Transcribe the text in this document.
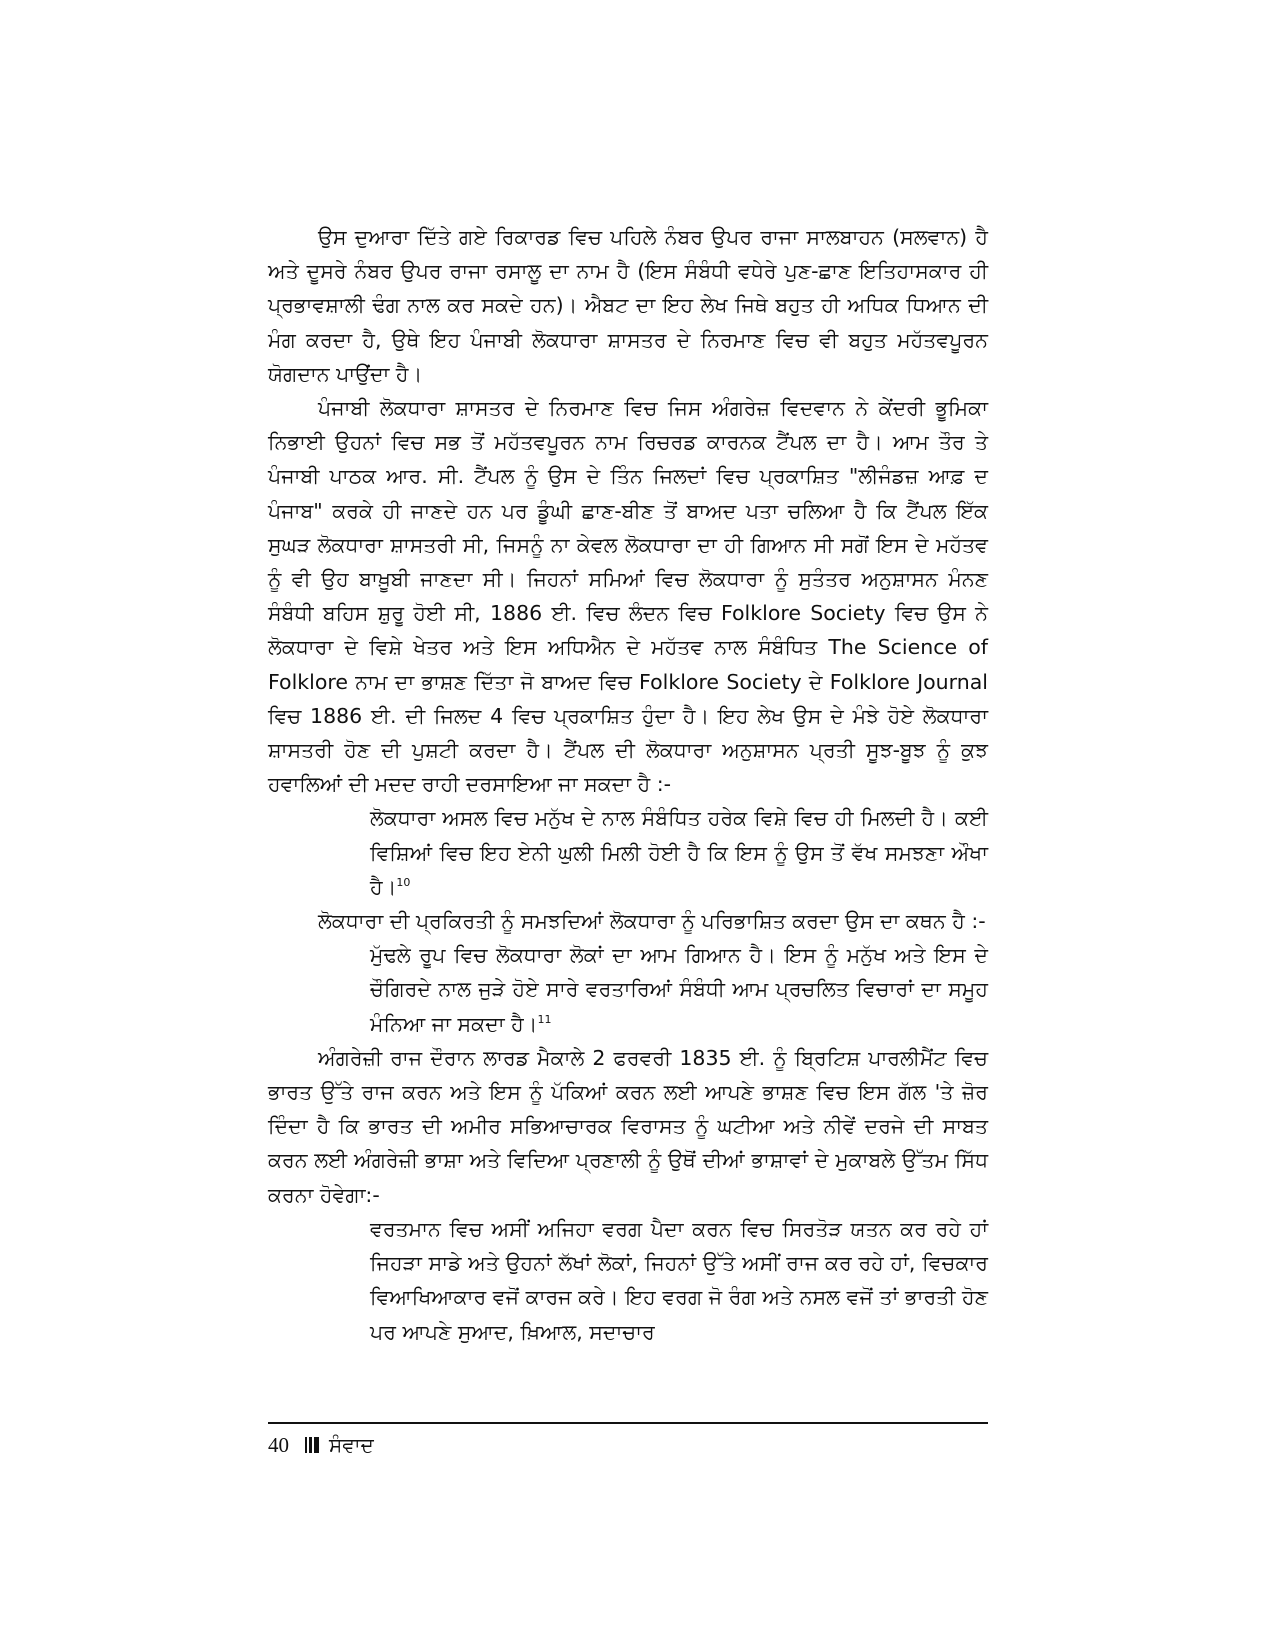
ਉਸ ਦੁਆਰਾ ਦਿੱਤੇ ਗਏ ਰਿਕਾਰਡ ਵਿਚ ਪਹਿਲੇ ਨੰਬਰ ਉਪਰ ਰਾਜਾ ਸਾਲਬਾਹਨ (ਸਲਵਾਨ) ਹੈ ਅਤੇ ਦੂਸਰੇ ਨੰਬਰ ਉਪਰ ਰਾਜਾ ਰਸਾਲੂ ਦਾ ਨਾਮ ਹੈ (ਇਸ ਸੰਬੰਧੀ ਵਧੇਰੇ ਪੁਣ-ਛਾਣ ਇਤਿਹਾਸਕਾਰ ਹੀ ਪ੍ਰਭਾਵਸ਼ਾਲੀ ਢੰਗ ਨਾਲ ਕਰ ਸਕਦੇ ਹਨ)। ਐਬਟ ਦਾ ਇਹ ਲੇਖ ਜਿਥੇ ਬਹੁਤ ਹੀ ਅਧਿਕ ਧਿਆਨ ਦੀ ਮੰਗ ਕਰਦਾ ਹੈ, ਉਥੇ ਇਹ ਪੰਜਾਬੀ ਲੋਕਧਾਰਾ ਸ਼ਾਸਤਰ ਦੇ ਨਿਰਮਾਣ ਵਿਚ ਵੀ ਬਹੁਤ ਮਹੱਤਵਪੂਰਨ ਯੋਗਦਾਨ ਪਾਉਂਦਾ ਹੈ।

ਪੰਜਾਬੀ ਲੋਕਧਾਰਾ ਸ਼ਾਸਤਰ ਦੇ ਨਿਰਮਾਣ ਵਿਚ ਜਿਸ ਅੰਗਰੇਜ਼ ਵਿਦਵਾਨ ਨੇ ਕੇਂਦਰੀ ਭੂਮਿਕਾ ਨਿਭਾਈ ਉਹਨਾਂ ਵਿਚ ਸਭ ਤੋਂ ਮਹੱਤਵਪੂਰਨ ਨਾਮ ਰਿਚਰਡ ਕਾਰਨਕ ਟੈਂਪਲ ਦਾ ਹੈ। ਆਮ ਤੌਰ ਤੇ ਪੰਜਾਬੀ ਪਾਠਕ ਆਰ. ਸੀ. ਟੈਂਪਲ ਨੂੰ ਉਸ ਦੇ ਤਿੰਨ ਜਿਲਦਾਂ ਵਿਚ ਪ੍ਰਕਾਸ਼ਿਤ "ਲੀਜੰਡਜ਼ ਆਫ਼ ਦ ਪੰਜਾਬ" ਕਰਕੇ ਹੀ ਜਾਣਦੇ ਹਨ ਪਰ ਡੂੰਘੀ ਛਾਣ-ਬੀਣ ਤੋਂ ਬਾਅਦ ਪਤਾ ਚਲਿਆ ਹੈ ਕਿ ਟੈਂਪਲ ਇੱਕ ਸੁਘੜ ਲੋਕਧਾਰਾ ਸ਼ਾਸਤਰੀ ਸੀ, ਜਿਸਨੂੰ ਨਾ ਕੇਵਲ ਲੋਕਧਾਰਾ ਦਾ ਹੀ ਗਿਆਨ ਸੀ ਸਗੋਂ ਇਸ ਦੇ ਮਹੱਤਵ ਨੂੰ ਵੀ ਉਹ ਬਾਖ਼ੂਬੀ ਜਾਣਦਾ ਸੀ। ਜਿਹਨਾਂ ਸਮਿਆਂ ਵਿਚ ਲੋਕਧਾਰਾ ਨੂੰ ਸੁਤੰਤਰ ਅਨੁਸ਼ਾਸਨ ਮੰਨਣ ਸੰਬੰਧੀ ਬਹਿਸ ਸ਼ੁਰੂ ਹੋਈ ਸੀ, 1886 ਈ. ਵਿਚ ਲੰਦਨ ਵਿਚ Folklore Society ਵਿਚ ਉਸ ਨੇ ਲੋਕਧਾਰਾ ਦੇ ਵਿਸ਼ੇ ਖੇਤਰ ਅਤੇ ਇਸ ਅਧਿਐਨ ਦੇ ਮਹੱਤਵ ਨਾਲ ਸੰਬੰਧਿਤ The Science of Folklore ਨਾਮ ਦਾ ਭਾਸ਼ਣ ਦਿੱਤਾ ਜੋ ਬਾਅਦ ਵਿਚ Folklore Society ਦੇ Folklore Journal ਵਿਚ 1886 ਈ. ਦੀ ਜਿਲਦ 4 ਵਿਚ ਪ੍ਰਕਾਸ਼ਿਤ ਹੁੰਦਾ ਹੈ। ਇਹ ਲੇਖ ਉਸ ਦੇ ਮੰਝੇ ਹੋਏ ਲੋਕਧਾਰਾ ਸ਼ਾਸਤਰੀ ਹੋਣ ਦੀ ਪੁਸ਼ਟੀ ਕਰਦਾ ਹੈ। ਟੈਂਪਲ ਦੀ ਲੋਕਧਾਰਾ ਅਨੁਸ਼ਾਸਨ ਪ੍ਰਤੀ ਸੂਝ-ਬੂਝ ਨੂੰ ਕੁਝ ਹਵਾਲਿਆਂ ਦੀ ਮਦਦ ਰਾਹੀ ਦਰਸਾਇਆ ਜਾ ਸਕਦਾ ਹੈ :-

ਲੋਕਧਾਰਾ ਅਸਲ ਵਿਚ ਮਨੁੱਖ ਦੇ ਨਾਲ ਸੰਬੰਧਿਤ ਹਰੇਕ ਵਿਸ਼ੇ ਵਿਚ ਹੀ ਮਿਲਦੀ ਹੈ। ਕਈ ਵਿਸ਼ਿਆਂ ਵਿਚ ਇਹ ਏਨੀ ਘੁਲੀ ਮਿਲੀ ਹੋਈ ਹੈ ਕਿ ਇਸ ਨੂੰ ਉਸ ਤੋਂ ਵੱਖ ਸਮਝਣਾ ਔਖਾ ਹੈ।$^{10}$

ਲੋਕਧਾਰਾ ਦੀ ਪ੍ਰਕਿਰਤੀ ਨੂੰ ਸਮਝਦਿਆਂ ਲੋਕਧਾਰਾ ਨੂੰ ਪਰਿਭਾਸ਼ਿਤ ਕਰਦਾ ਉਸ ਦਾ ਕਥਨ ਹੈ :-

ਮੁੱਢਲੇ ਰੂਪ ਵਿਚ ਲੋਕਧਾਰਾ ਲੋਕਾਂ ਦਾ ਆਮ ਗਿਆਨ ਹੈ। ਇਸ ਨੂੰ ਮਨੁੱਖ ਅਤੇ ਇਸ ਦੇ ਚੌਗਿਰਦੇ ਨਾਲ ਜੁੜੇ ਹੋਏ ਸਾਰੇ ਵਰਤਾਰਿਆਂ ਸੰਬੰਧੀ ਆਮ ਪ੍ਰਚਲਿਤ ਵਿਚਾਰਾਂ ਦਾ ਸਮੂਹ ਮੰਨਿਆ ਜਾ ਸਕਦਾ ਹੈ।$^{11}$

ਅੰਗਰੇਜ਼ੀ ਰਾਜ ਦੌਰਾਨ ਲਾਰਡ ਮੈਕਾਲੇ 2 ਫਰਵਰੀ 1835 ਈ. ਨੂੰ ਬ੍ਰਿਟਿਸ਼ ਪਾਰਲੀਮੈਂਟ ਵਿਚ ਭਾਰਤ ਉੱਤੇ ਰਾਜ ਕਰਨ ਅਤੇ ਇਸ ਨੂੰ ਪੱਕਿਆਂ ਕਰਨ ਲਈ ਆਪਣੇ ਭਾਸ਼ਣ ਵਿਚ ਇਸ ਗੱਲ 'ਤੇ ਜ਼ੋਰ ਦਿੰਦਾ ਹੈ ਕਿ ਭਾਰਤ ਦੀ ਅਮੀਰ ਸਭਿਆਚਾਰਕ ਵਿਰਾਸਤ ਨੂੰ ਘਟੀਆ ਅਤੇ ਨੀਵੇਂ ਦਰਜੇ ਦੀ ਸਾਬਤ ਕਰਨ ਲਈ ਅੰਗਰੇਜ਼ੀ ਭਾਸ਼ਾ ਅਤੇ ਵਿਦਿਆ ਪ੍ਰਣਾਲੀ ਨੂੰ ਉਥੋਂ ਦੀਆਂ ਭਾਸ਼ਾਵਾਂ ਦੇ ਮੁਕਾਬਲੇ ਉੱਤਮ ਸਿੱਧ ਕਰਨਾ ਹੋਵੇਗਾ:-

ਵਰਤਮਾਨ ਵਿਚ ਅਸੀਂ ਅਜਿਹਾ ਵਰਗ ਪੈਦਾ ਕਰਨ ਵਿਚ ਸਿਰਤੋੜ ਯਤਨ ਕਰ ਰਹੇ ਹਾਂ ਜਿਹੜਾ ਸਾਡੇ ਅਤੇ ਉਹਨਾਂ ਲੱਖਾਂ ਲੋਕਾਂ, ਜਿਹਨਾਂ ਉੱਤੇ ਅਸੀਂ ਰਾਜ ਕਰ ਰਹੇ ਹਾਂ, ਵਿਚਕਾਰ ਵਿਆਖਿਆਕਾਰ ਵਜੋਂ ਕਾਰਜ ਕਰੇ। ਇਹ ਵਰਗ ਜੋ ਰੰਗ ਅਤੇ ਨਸਲ ਵਜੋਂ ਤਾਂ ਭਾਰਤੀ ਹੋਣ ਪਰ ਆਪਣੇ ਸੁਆਦ, ਖ਼ਿਆਲ, ਸਦਾਚਾਰ

40 ਸੰਵਾਦ
